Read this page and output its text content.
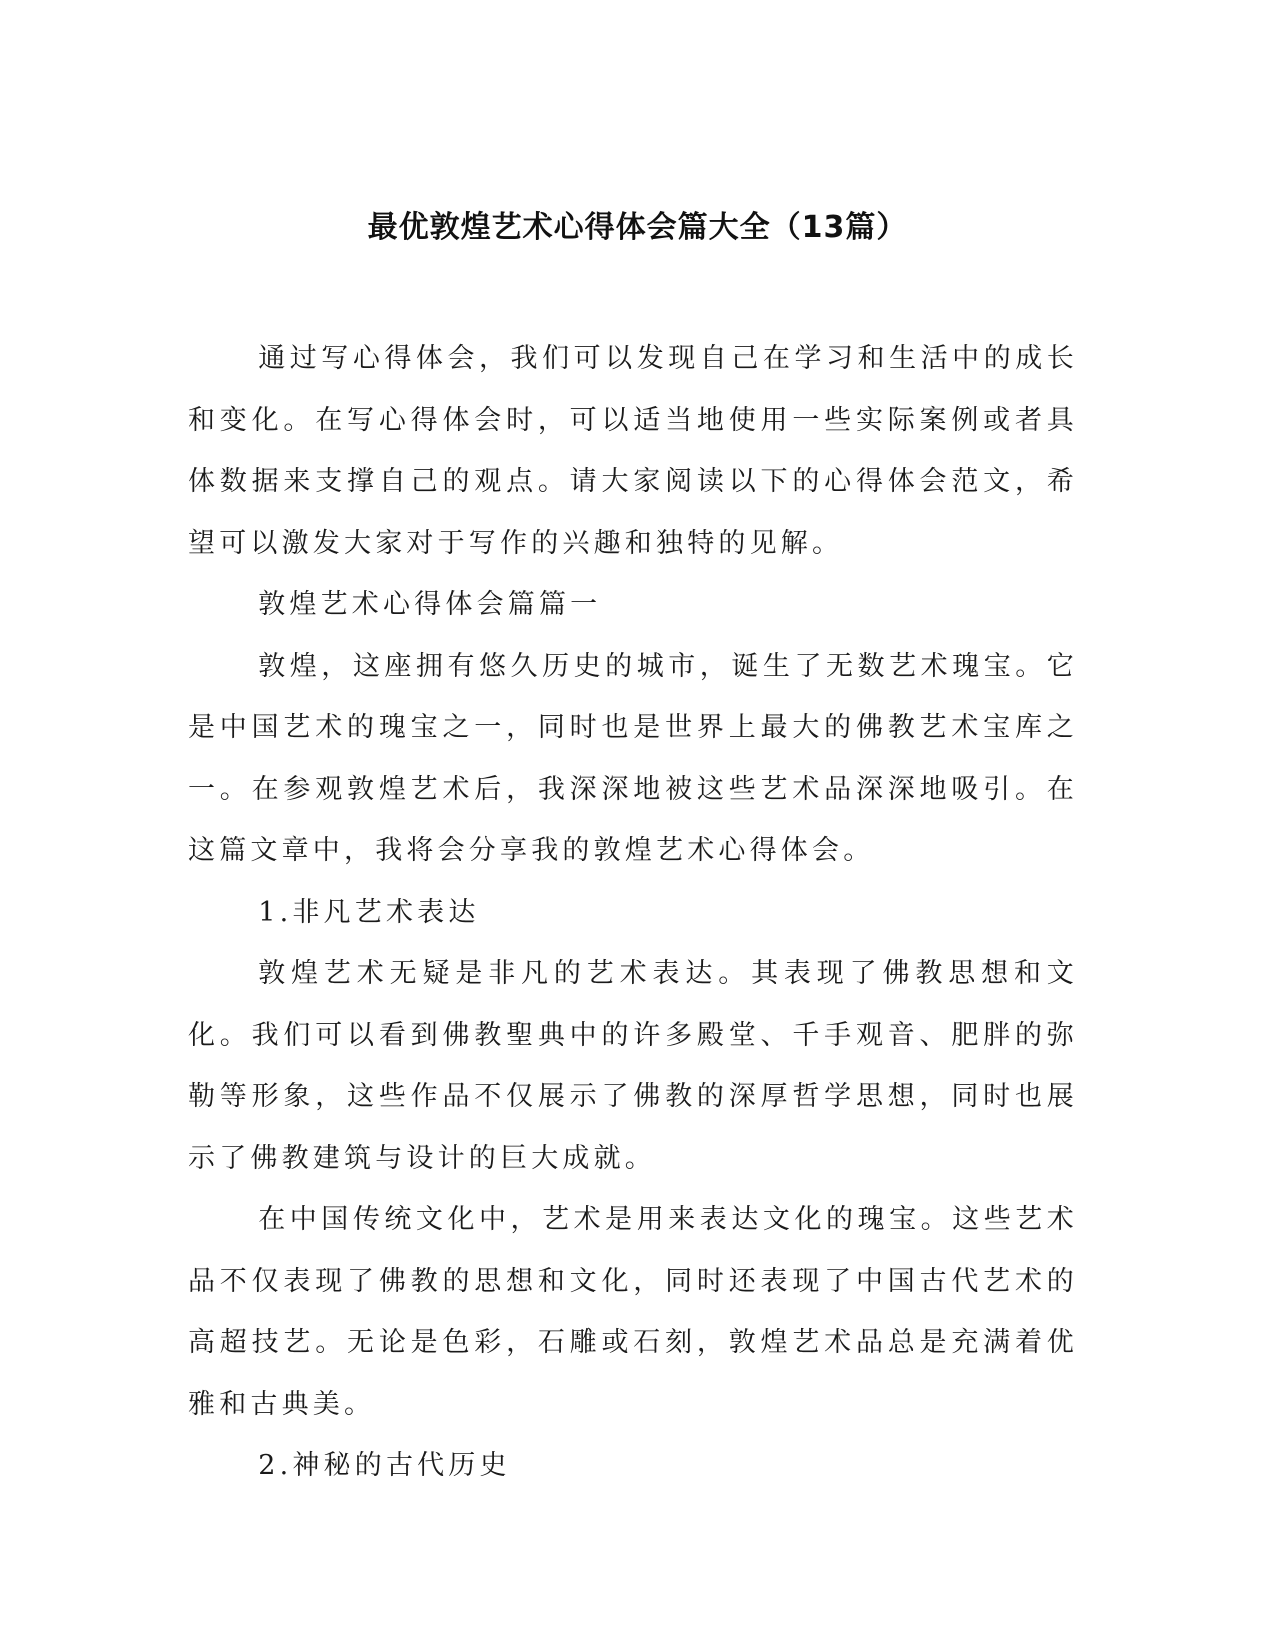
最优敦煌艺术心得体会篇大全（13篇）

通过写心得体会，我们可以发现自己在学习和生活中的成长和变化。在写心得体会时，可以适当地使用一些实际案例或者具体数据来支撑自己的观点。请大家阅读以下的心得体会范文，希望可以激发大家对于写作的兴趣和独特的见解。

敦煌艺术心得体会篇篇一

敦煌，这座拥有悠久历史的城市，诞生了无数艺术瑰宝。它是中国艺术的瑰宝之一，同时也是世界上最大的佛教艺术宝库之一。在参观敦煌艺术后，我深深地被这些艺术品深深地吸引。在这篇文章中，我将会分享我的敦煌艺术心得体会。

1.非凡艺术表达

敦煌艺术无疑是非凡的艺术表达。其表现了佛教思想和文化。我们可以看到佛教聖典中的许多殿堂、千手观音、肥胖的弥勒等形象，这些作品不仅展示了佛教的深厚哲学思想，同时也展示了佛教建筑与设计的巨大成就。

在中国传统文化中，艺术是用来表达文化的瑰宝。这些艺术品不仅表现了佛教的思想和文化，同时还表现了中国古代艺术的高超技艺。无论是色彩，石雕或石刻，敦煌艺术品总是充满着优雅和古典美。

2.神秘的古代历史
